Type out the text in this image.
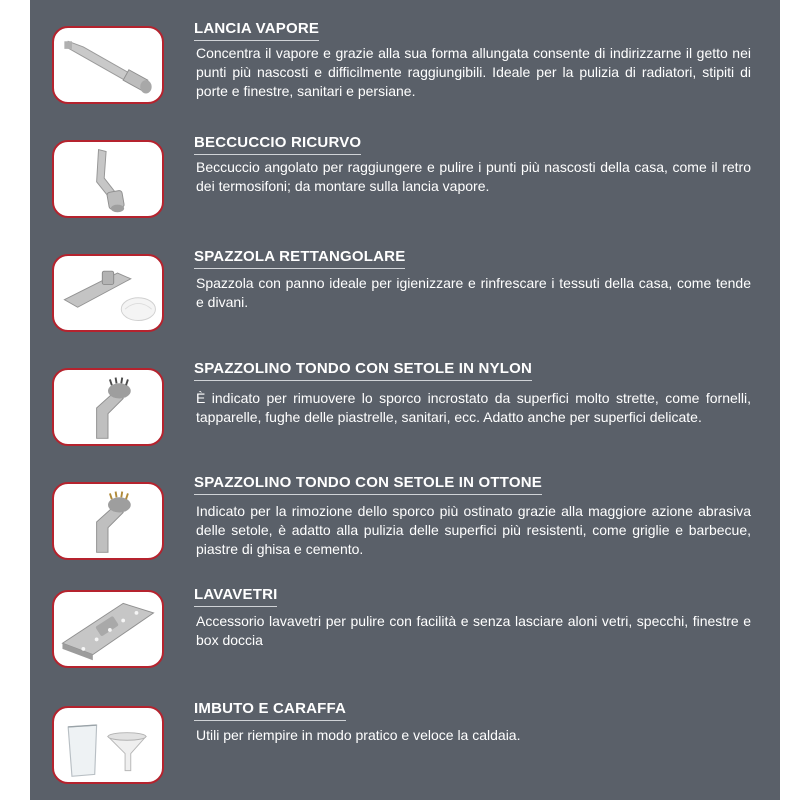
LANCIA VAPORE
Concentra il vapore e grazie alla sua forma allungata consente di indirizzarne il getto nei punti più nascosti e difficilmente raggiungibili. Ideale per la pulizia di radiatori, stipiti di porte e finestre, sanitari e persiane.
BECCUCCIO RICURVO
Beccuccio angolato per raggiungere e pulire i punti più nascosti della casa, come il retro dei termosifoni; da montare sulla lancia vapore.
SPAZZOLA RETTANGOLARE
Spazzola con panno ideale per igienizzare e rinfrescare i tessuti della casa, come tende e divani.
SPAZZOLINO TONDO CON SETOLE IN NYLON
È indicato per rimuovere lo sporco incrostato da superfici molto strette, come fornelli, tapparelle, fughe delle piastrelle, sanitari, ecc. Adatto anche per superfici delicate.
SPAZZOLINO TONDO CON SETOLE IN OTTONE
Indicato per la rimozione dello sporco più ostinato grazie alla maggiore azione abrasiva delle setole, è adatto alla pulizia delle superfici più resistenti, come griglie e barbecue, piastre di ghisa e cemento.
LAVAVETRI
Accessorio lavavetri per pulire con facilità e senza lasciare aloni vetri, specchi, finestre e box doccia
IMBUTO E CARAFFA
Utili per riempire in modo pratico e veloce la caldaia.
